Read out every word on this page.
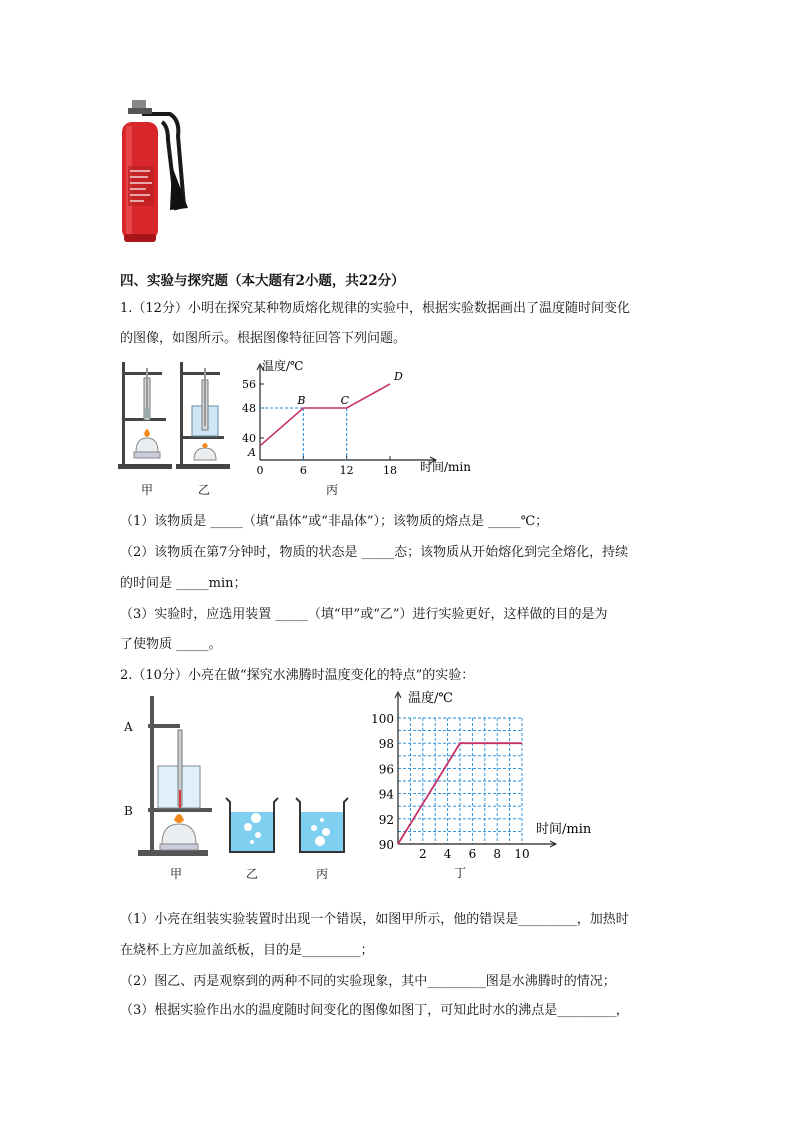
四、实验与探究题（本大题有2小题，共22分）
1.（12分）小明在探究某种物质熔化规律的实验中，根据实验数据画出了温度随时间变化
的图像，如图所示。根据图像特征回答下列问题。
甲	乙
温度/℃
时间/min
40
48
56
0	6	12	18
A
B	C
D
丙
（1）该物质是 _____（填“晶体”或“非晶体”）；该物质的熔点是 _____℃；
（2）该物质在第7分钟时，物质的状态是 _____态；该物质从开始熔化到完全熔化，持续
的时间是 _____min；
（3）实验时，应选用装置 _____（填“甲”或“乙”）进行实验更好，这样做的目的是为
了使物质 _____。
2.（10分）小亮在做“探究水沸腾时温度变化的特点”的实验：
A
B
甲	乙	丙
温度/℃
时间/min
90
92
94
96
98
100
2 4 6 8 10
丁
（1）小亮在组装实验装置时出现一个错误，如图甲所示，他的错误是_________，加热时
在烧杯上方应加盖纸板，目的是_________；
（2）图乙、丙是观察到的两种不同的实验现象，其中_________图是水沸腾时的情况；
（3）根据实验作出水的温度随时间变化的图像如图丁，可知此时水的沸点是_________，
